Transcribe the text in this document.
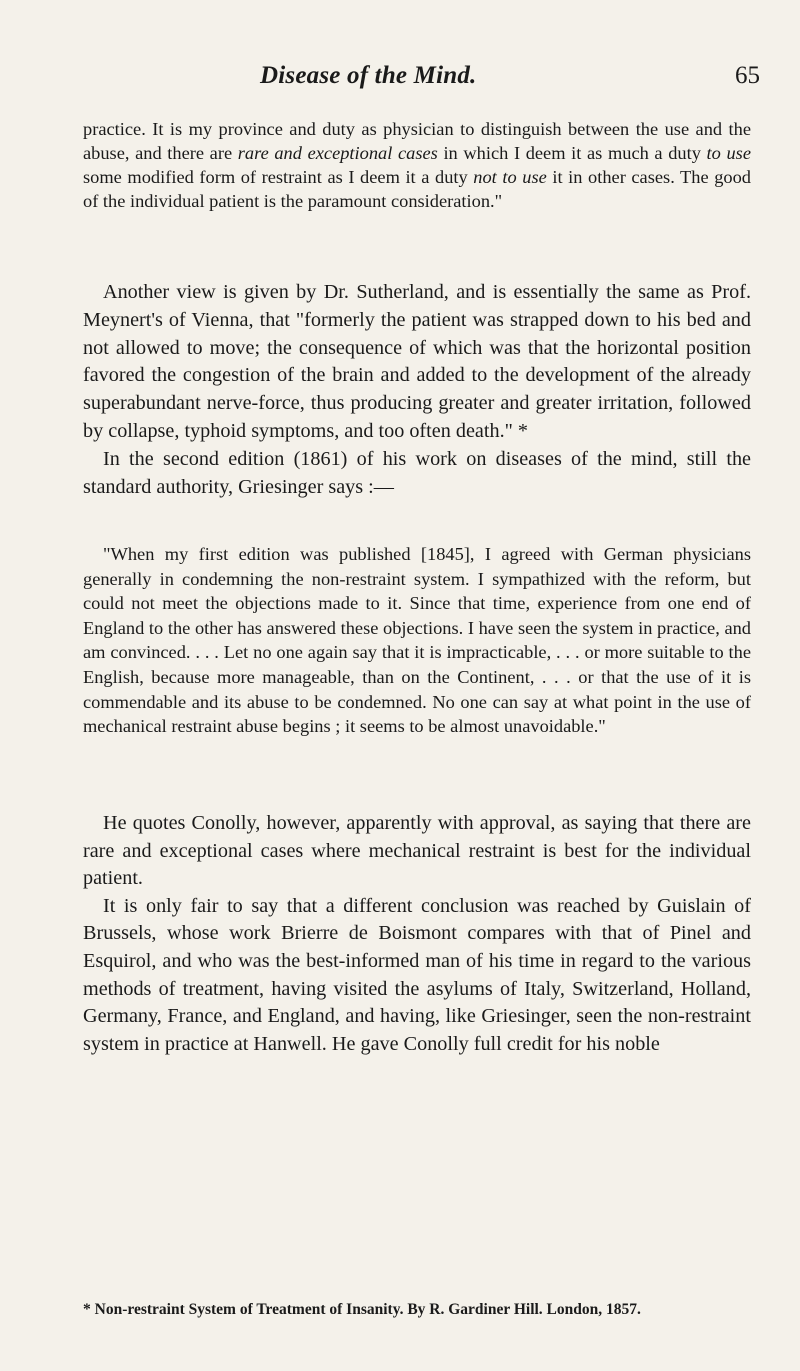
Disease of the Mind.	65

practice. It is my province and duty as physician to distinguish between the use and the abuse, and there are rare and exceptional cases in which I deem it as much a duty to use some modified form of restraint as I deem it a duty not to use it in other cases. The good of the individual patient is the paramount consideration."

Another view is given by Dr. Sutherland, and is essentially the same as Prof. Meynert's of Vienna, that "formerly the patient was strapped down to his bed and not allowed to move; the consequence of which was that the horizontal position favored the congestion of the brain and added to the development of the already superabundant nerve-force, thus producing greater and greater irritation, followed by collapse, typhoid symptoms, and too often death." *

In the second edition (1861) of his work on diseases of the mind, still the standard authority, Griesinger says :—

"When my first edition was published [1845], I agreed with German physicians generally in condemning the non-restraint system. I sympathized with the reform, but could not meet the objections made to it. Since that time, experience from one end of England to the other has answered these objections. I have seen the system in practice, and am convinced. . . . Let no one again say that it is impracticable, . . . or more suitable to the English, because more manageable, than on the Continent, . . . or that the use of it is commendable and its abuse to be condemned. No one can say at what point in the use of mechanical restraint abuse begins ; it seems to be almost unavoidable."

He quotes Conolly, however, apparently with approval, as saying that there are rare and exceptional cases where mechanical restraint is best for the individual patient.

It is only fair to say that a different conclusion was reached by Guislain of Brussels, whose work Brierre de Boismont compares with that of Pinel and Esquirol, and who was the best-informed man of his time in regard to the various methods of treatment, having visited the asylums of Italy, Switzerland, Holland, Germany, France, and England, and having, like Griesinger, seen the non-restraint system in practice at Hanwell. He gave Conolly full credit for his noble

* Non-restraint System of Treatment of Insanity. By R. Gardiner Hill. London, 1857.
